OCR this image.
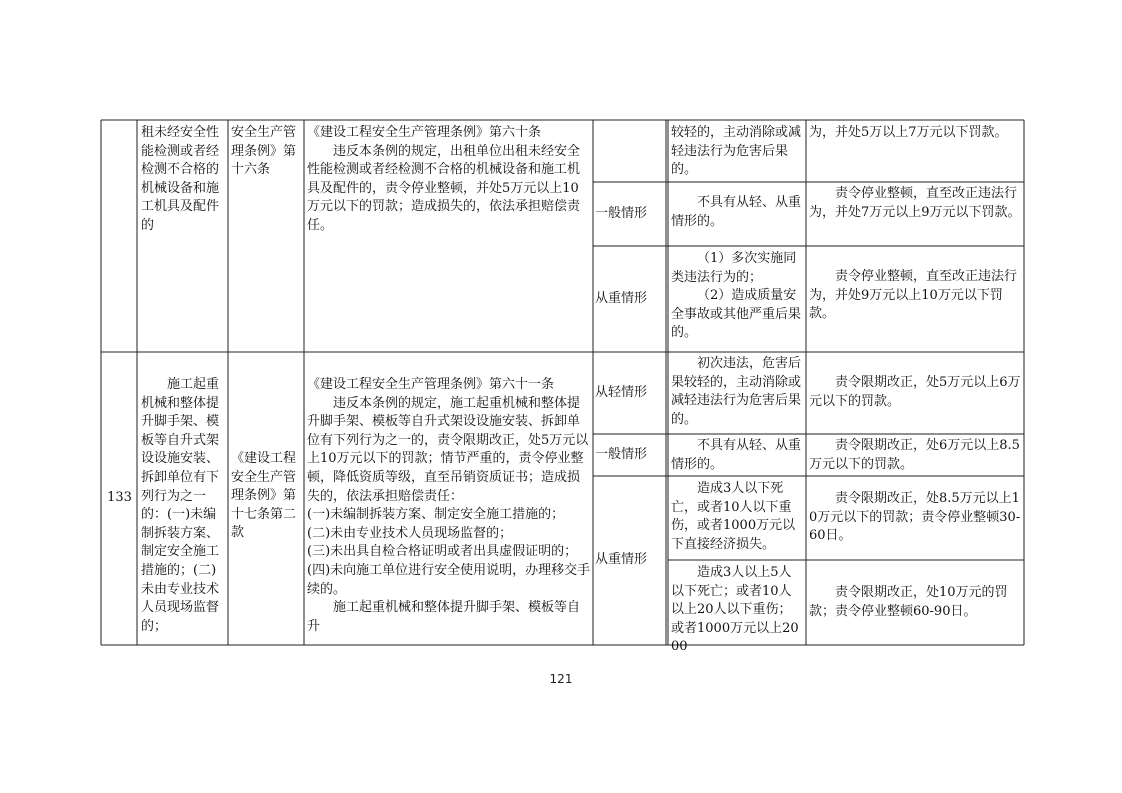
租未经安全性能检测或者经检测不合格的机械设备和施工机具及配件的
安全生产管理条例》第十六条
《建设工程安全生产管理条例》第六十条
违反本条例的规定，出租单位出租未经安全性能检测或者经检测不合格的机械设备和施工机具及配件的，责令停业整顿，并处5万元以上10万元以下的罚款；造成损失的，依法承担赔偿责任。
较轻的，主动消除或减轻违法行为危害后果的。
为，并处5万以上7万元以下罚款。
一般情形
不具有从轻、从重情形的。
责令停业整顿，直至改正违法行为，并处7万元以上9万元以下罚款。
从重情形
（1）多次实施同类违法行为的；
（2）造成质量安全事故或其他严重后果的。
责令停业整顿，直至改正违法行为，并处9万元以上10万元以下罚款。
133
施工起重机械和整体提升脚手架、模板等自升式架设设施安装、拆卸单位有下列行为之一的：(一)未编制拆装方案、制定安全施工措施的；(二)未由专业技术人员现场监督的；
《建设工程安全生产管理条例》第十七条第二款
《建设工程安全生产管理条例》第六十一条
违反本条例的规定，施工起重机械和整体提升脚手架、模板等自升式架设设施安装、拆卸单位有下列行为之一的，责令限期改正，处5万元以上10万元以下的罚款；情节严重的，责令停业整顿，降低资质等级，直至吊销资质证书；造成损失的，依法承担赔偿责任：
(一)未编制拆装方案、制定安全施工措施的；
(二)未由专业技术人员现场监督的；
(三)未出具自检合格证明或者出具虚假证明的；
(四)未向施工单位进行安全使用说明，办理移交手续的。
施工起重机械和整体提升脚手架、模板等自升
从轻情形
初次违法，危害后果较轻的，主动消除或减轻违法行为危害后果的。
责令限期改正，处5万元以上6万元以下的罚款。
一般情形
不具有从轻、从重情形的。
责令限期改正，处6万元以上8.5万元以下的罚款。
从重情形
造成3人以下死亡，或者10人以下重伤，或者1000万元以下直接经济损失。
责令限期改正，处8.5万元以上10万元以下的罚款；责令停业整顿30-60日。
造成3人以上5人以下死亡；或者10人以上20人以下重伤；或者1000万元以上2000
责令限期改正，处10万元的罚款；责令停业整顿60-90日。
121
